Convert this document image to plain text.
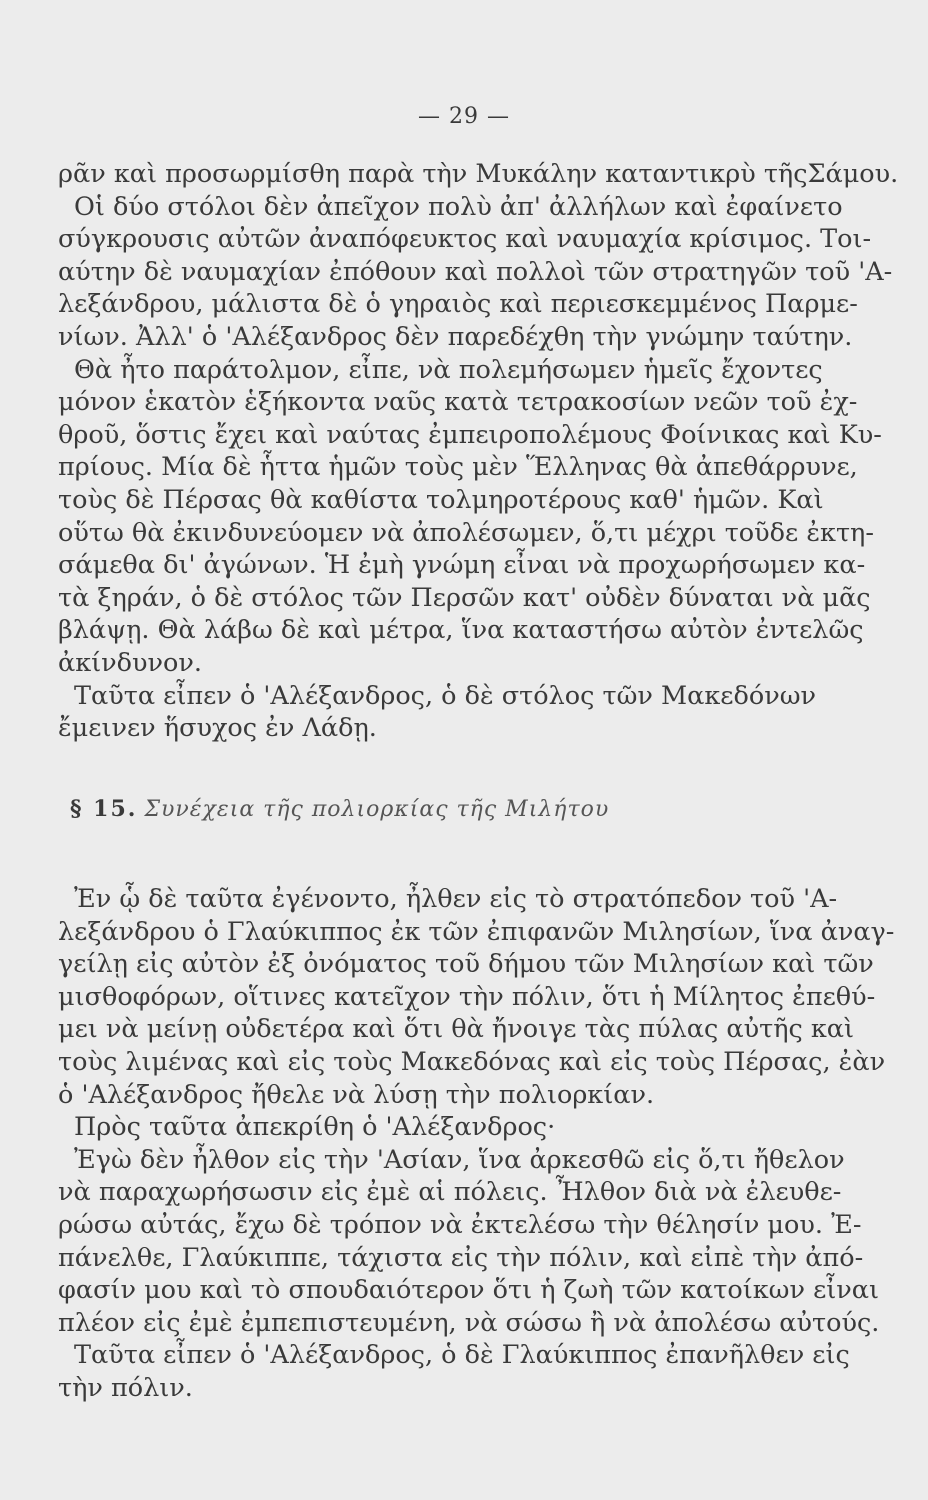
— 29 —
ρᾶν καὶ προσωρμίσθη παρὰ τὴν Μυκάλην καταντικρὺ τῆςΣάμου.
Οἱ δύο στόλοι δὲν ἀπεῖχον πολὺ ἀπ' ἀλλήλων καὶ ἐφαίνετο
σύγκρουσις αὐτῶν ἀναπόφευκτος καὶ ναυμαχία κρίσιμος. Τοι-
αύτην δὲ ναυμαχίαν ἐπόθουν καὶ πολλοὶ τῶν στρατηγῶν τοῦ 'Α-
λεξάνδρου, μάλιστα δὲ ὁ γηραιὸς καὶ περιεσκεμμένος Παρμε-
νίων. Ἀλλ' ὁ 'Αλέξανδρος δὲν παρεδέχθη τὴν γνώμην ταύτην.
Θὰ ἦτο παράτολμον, εἶπε, νὰ πολεμήσωμεν ἡμεῖς ἔχοντες
μόνον ἑκατὸν ἑξήκοντα ναῦς κατὰ τετρακοσίων νεῶν τοῦ ἐχ-
θροῦ, ὅστις ἔχει καὶ ναύτας ἐμπειροπολέμους Φοίνικας καὶ Κυ-
πρίους. Μία δὲ ἧττα ἡμῶν τοὺς μὲν Ἕλληνας θὰ ἀπεθάρρυνε,
τοὺς δὲ Πέρσας θὰ καθίστα τολμηροτέρους καθ' ἡμῶν. Καὶ
οὕτω θὰ ἐκινδυνεύομεν νὰ ἀπολέσωμεν, ὅ,τι μέχρι τοῦδε ἐκτη-
σάμεθα δι' ἀγώνων. Ἡ ἐμὴ γνώμη εἶναι νὰ προχωρήσωμεν κα-
τὰ ξηράν, ὁ δὲ στόλος τῶν Περσῶν κατ' οὐδὲν δύναται νὰ μᾶς
βλάψῃ. Θὰ λάβω δὲ καὶ μέτρα, ἵνα καταστήσω αὐτὸν ἐντελῶς
ἀκίνδυνον.
Ταῦτα εἶπεν ὁ 'Αλέξανδρος, ὁ δὲ στόλος τῶν Μακεδόνων
ἔμεινεν ἥσυχος ἐν Λάδῃ.
§ 15. Συνέχεια τῆς πολιορκίας τῆς Μιλήτου
Ἐν ᾧ δὲ ταῦτα ἐγένοντο, ἦλθεν εἰς τὸ στρατόπεδον τοῦ 'Α-
λεξάνδρου ὁ Γλαύκιππος ἐκ τῶν ἐπιφανῶν Μιλησίων, ἵνα ἀναγ-
γείλῃ εἰς αὐτὸν ἐξ ὀνόματος τοῦ δήμου τῶν Μιλησίων καὶ τῶν
μισθοφόρων, οἵτινες κατεῖχον τὴν πόλιν, ὅτι ἡ Μίλητος ἐπεθύ-
μει νὰ μείνῃ οὐδετέρα καὶ ὅτι θὰ ἤνοιγε τὰς πύλας αὐτῆς καὶ
τοὺς λιμένας καὶ εἰς τοὺς Μακεδόνας καὶ εἰς τοὺς Πέρσας, ἐὰν
ὁ 'Αλέξανδρος ἤθελε νὰ λύσῃ τὴν πολιορκίαν.
Πρὸς ταῦτα ἀπεκρίθη ὁ 'Αλέξανδρος·
Ἐγὼ δὲν ἦλθον εἰς τὴν 'Ασίαν, ἵνα ἀρκεσθῶ εἰς ὅ,τι ἤθελον
νὰ παραχωρήσωσιν εἰς ἐμὲ αἱ πόλεις. Ἦλθον διὰ νὰ ἐλευθε-
ρώσω αὐτάς, ἔχω δὲ τρόπον νὰ ἐκτελέσω τὴν θέλησίν μου. Ἐ-
πάνελθε, Γλαύκιππε, τάχιστα εἰς τὴν πόλιν, καὶ εἰπὲ τὴν ἀπό-
φασίν μου καὶ τὸ σπουδαιότερον ὅτι ἡ ζωὴ τῶν κατοίκων εἶναι
πλέον εἰς ἐμὲ ἐμπεπιστευμένη, νὰ σώσω ἢ νὰ ἀπολέσω αὐτούς.
Ταῦτα εἶπεν ὁ 'Αλέξανδρος, ὁ δὲ Γλαύκιππος ἐπανῆλθεν εἰς
τὴν πόλιν.
